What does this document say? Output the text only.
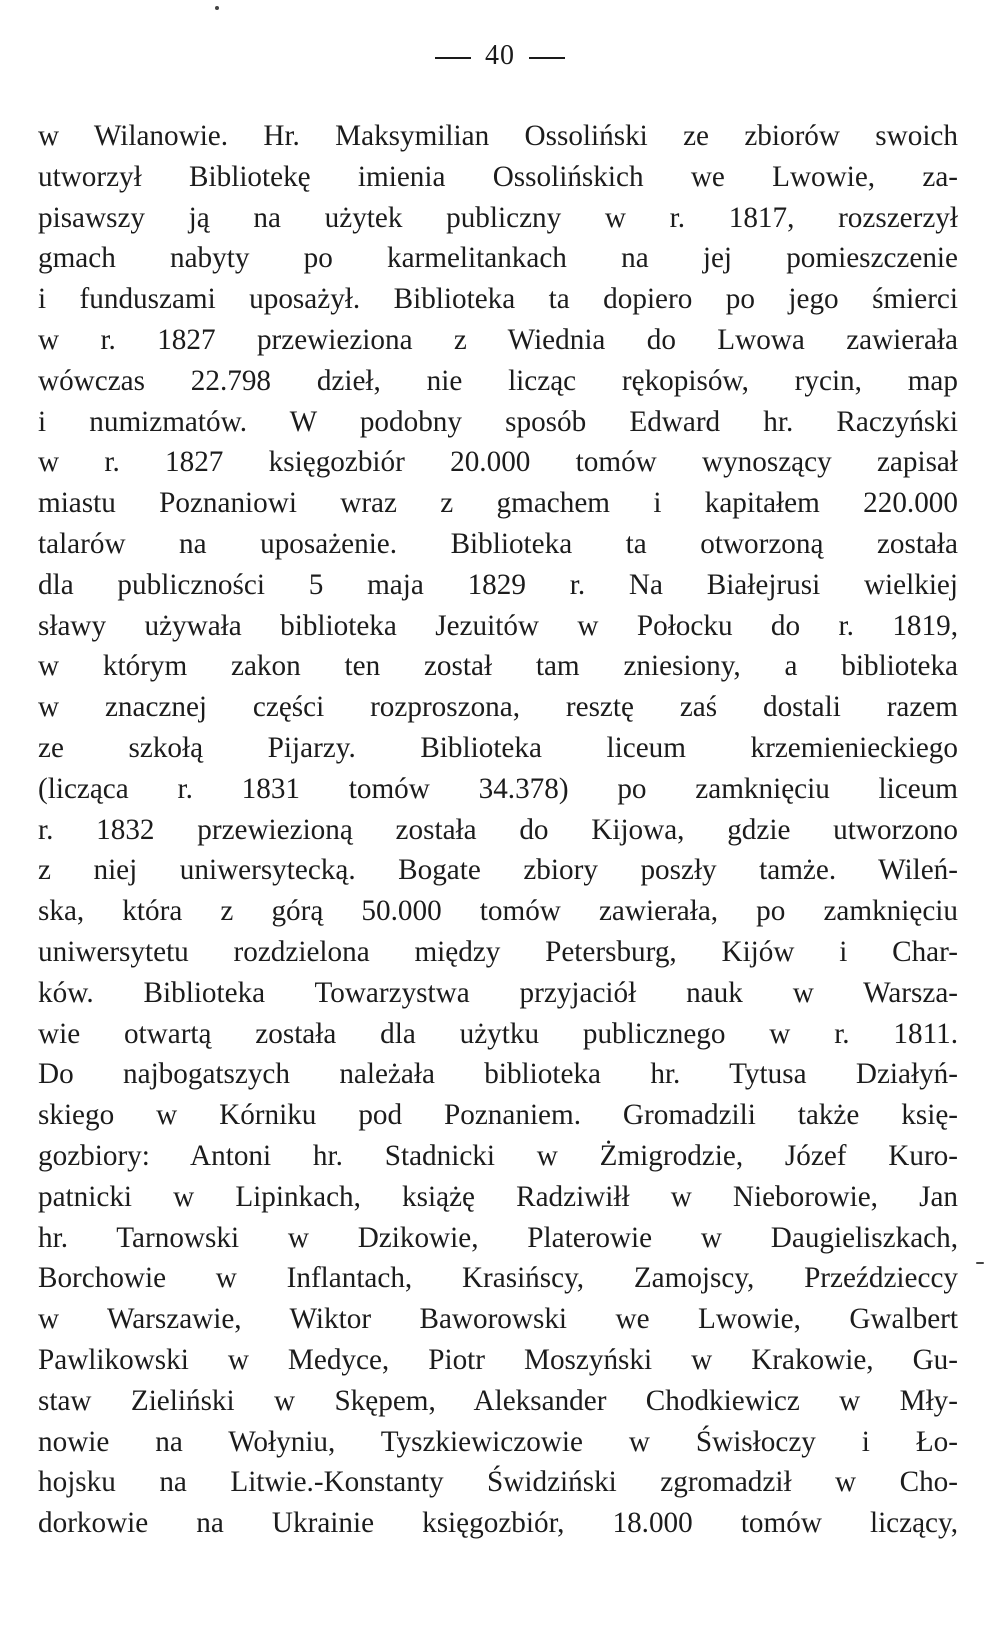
40
w Wilanowie. Hr. Maksymilian Ossoliński ze zbiorów swoich
utworzył Bibliotekę imienia Ossolińskich we Lwowie, za-
pisawszy ją na użytek publiczny w r. 1817, rozszerzył
gmach nabyty po karmelitankach na jej pomieszczenie
i funduszami uposażył. Biblioteka ta dopiero po jego śmierci
w r. 1827 przewieziona z Wiednia do Lwowa zawierała
wówczas 22.798 dzieł, nie licząc rękopisów, rycin, map
i numizmatów. W podobny sposób Edward hr. Raczyński
w r. 1827 księgozbiór 20.000 tomów wynoszący zapisał
miastu Poznaniowi wraz z gmachem i kapitałem 220.000
talarów na uposażenie. Biblioteka ta otworzoną została
dla publiczności 5 maja 1829 r. Na Białejrusi wielkiej
sławy używała biblioteka Jezuitów w Połocku do r. 1819,
w którym zakon ten został tam zniesiony, a biblioteka
w znacznej części rozproszona, resztę zaś dostali razem
ze szkołą Pijarzy. Biblioteka liceum krzemienieckiego
(licząca r. 1831 tomów 34.378) po zamknięciu liceum
r. 1832 przewiezioną została do Kijowa, gdzie utworzono
z niej uniwersytecką. Bogate zbiory poszły tamże. Wileń-
ska, która z górą 50.000 tomów zawierała, po zamknięciu
uniwersytetu rozdzielona między Petersburg, Kijów i Char-
ków. Biblioteka Towarzystwa przyjaciół nauk w Warsza-
wie otwartą została dla użytku publicznego w r. 1811.
Do najbogatszych należała biblioteka hr. Tytusa Działyń-
skiego w Kórniku pod Poznaniem. Gromadzili także księ-
gozbiory: Antoni hr. Stadnicki w Żmigrodzie, Józef Kuro-
patnicki w Lipinkach, książę Radziwiłł w Nieborowie, Jan
hr. Tarnowski w Dzikowie, Platerowie w Daugieliszkach,
Borchowie w Inflantach, Krasińscy, Zamojscy, Przeździeccy
w Warszawie, Wiktor Baworowski we Lwowie, Gwalbert
Pawlikowski w Medyce, Piotr Moszyński w Krakowie, Gu-
staw Zieliński w Skępem, Aleksander Chodkiewicz w Mły-
nowie na Wołyniu, Tyszkiewiczowie w Świsłoczy i Ło-
hojsku na Litwie.-Konstanty Świdziński zgromadził w Cho-
dorkowie na Ukrainie księgozbiór, 18.000 tomów liczący,
